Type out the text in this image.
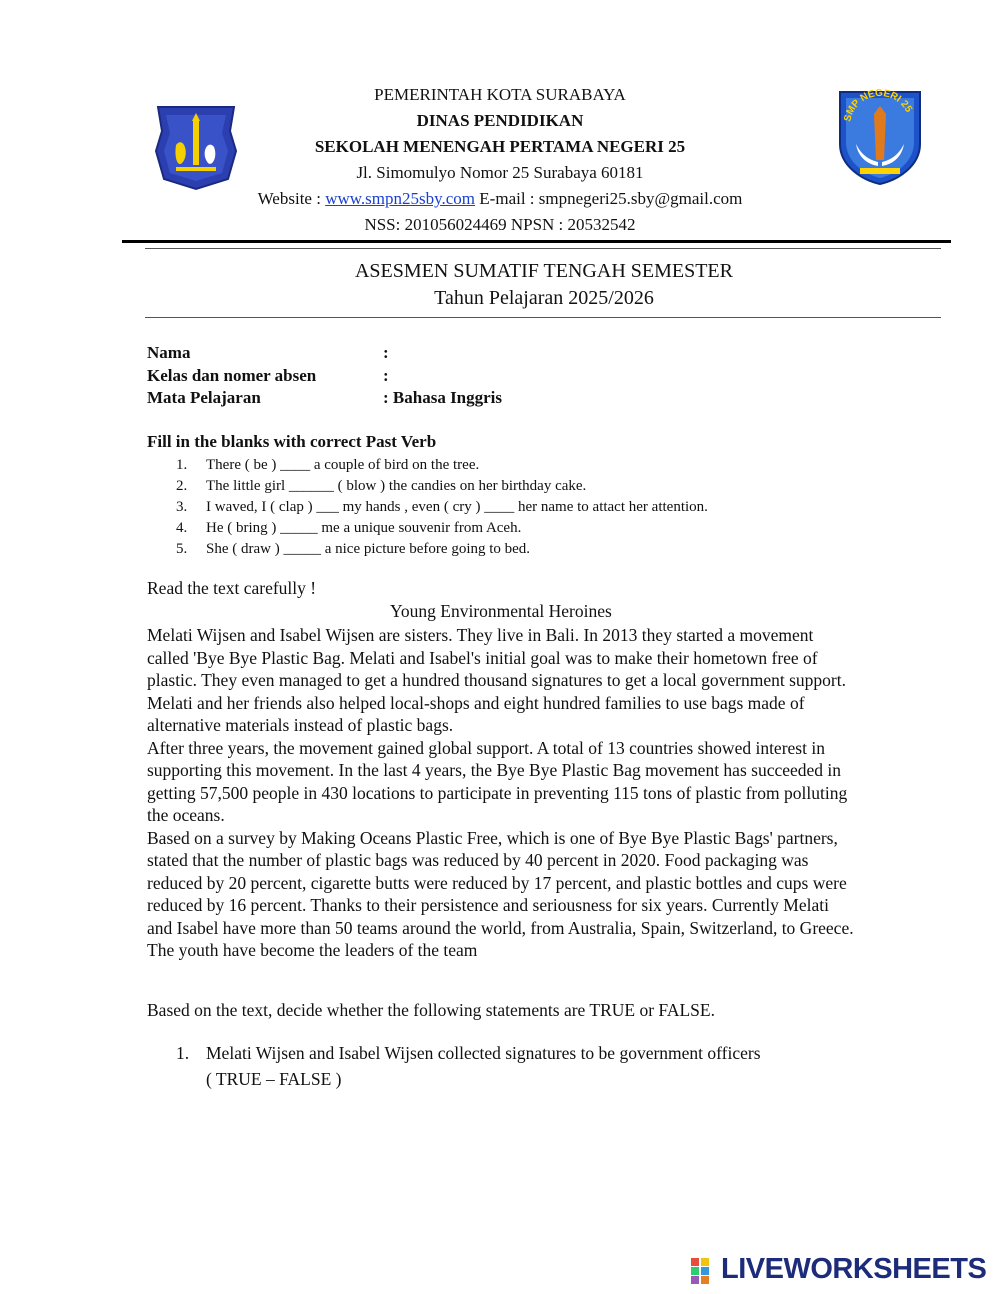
SMP NEGERI 25
PEMERINTAH KOTA SURABAYA
DINAS PENDIDIKAN
SEKOLAH MENENGAH PERTAMA NEGERI 25
Jl. Simomulyo Nomor 25 Surabaya 60181
Website : www.smpn25sby.com E-mail : smpnegeri25.sby@gmail.com
NSS: 201056024469 NPSN : 20532542
ASESMEN SUMATIF TENGAH SEMESTER
Tahun Pelajaran 2025/2026
Nama	:
Kelas dan nomer absen	:
Mata Pelajaran	: Bahasa Inggris
Fill in the blanks with correct Past Verb
1. There ( be ) ____ a couple of bird on the tree.
2. The little girl ______ ( blow ) the candies on her birthday cake.
3. I waved, I ( clap ) ___ my hands , even ( cry ) ____ her name to attact her attention.
4. He ( bring ) _____ me a unique souvenir from Aceh.
5. She ( draw ) _____ a nice picture before going to bed.
Read the text carefully !
Young Environmental Heroines

Melati Wijsen and Isabel Wijsen are sisters. They live in Bali. In 2013 they started a movement

called 'Bye Bye Plastic Bag. Melati and Isabel's initial goal was to make their hometown free of

plastic. They even managed to get a hundred thousand signatures to get a local government support.

Melati and her friends also helped local-shops and eight hundred families to use bags made of

alternative materials instead of plastic bags.

After three years, the movement gained global support. A total of 13 countries showed interest in

supporting this movement. In the last 4 years, the Bye Bye Plastic Bag movement has succeeded in

getting 57,500 people in 430 locations to participate in preventing 115 tons of plastic from polluting

the oceans.

Based on a survey by Making Oceans Plastic Free, which is one of Bye Bye Plastic Bags' partners,

stated that the number of plastic bags was reduced by 40 percent in 2020. Food packaging was

reduced by 20 percent, cigarette butts were reduced by 17 percent, and plastic bottles and cups were

reduced by 16 percent. Thanks to their persistence and seriousness for six years. Currently Melati

and Isabel have more than 50 teams around the world, from Australia, Spain, Switzerland, to Greece.

The youth have become the leaders of the team

Based on the text, decide whether the following statements are TRUE or FALSE.
1. Melati Wijsen and Isabel Wijsen collected signatures to be government officers
( TRUE – FALSE )
LIVEWORKSHEETS
